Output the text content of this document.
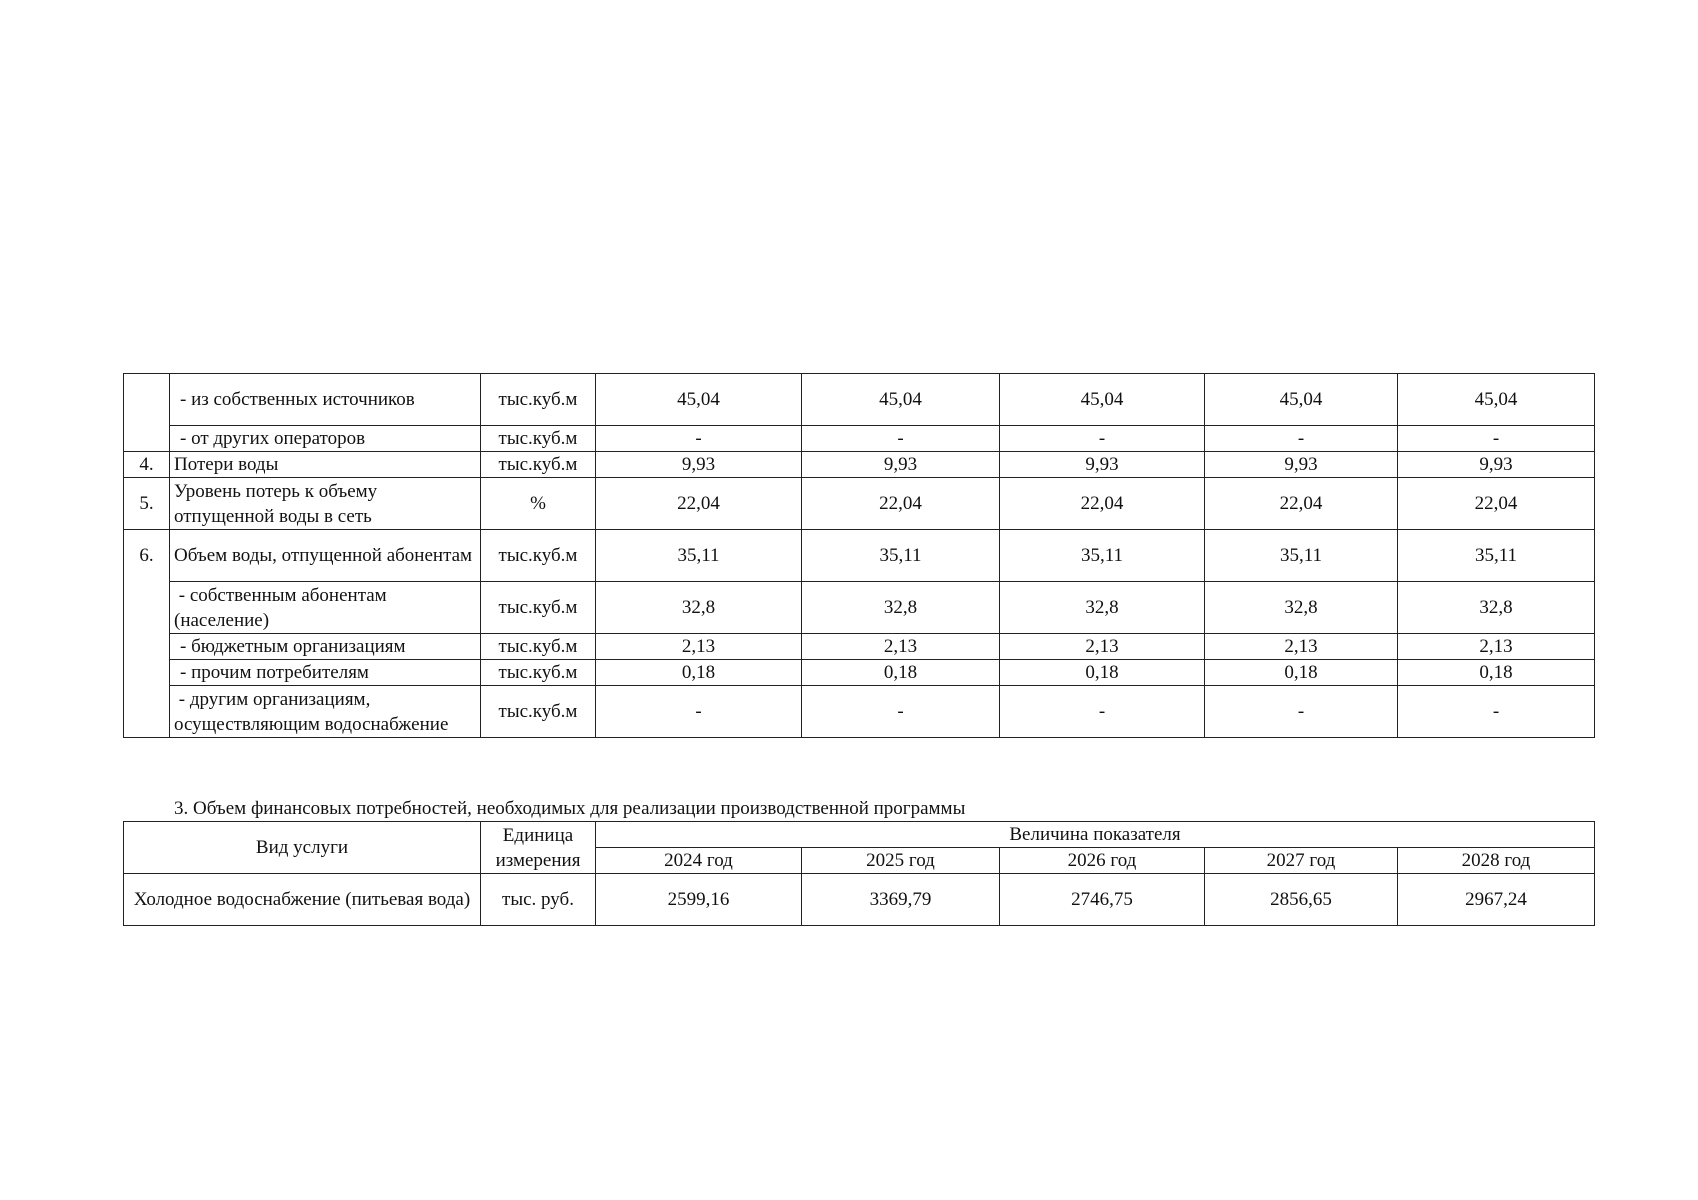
	- из собственных источников	тыс.куб.м	45,04	45,04	45,04	45,04	45,04
	- от других операторов	тыс.куб.м	-	-	-	-	-
4.	Потери воды	тыс.куб.м	9,93	9,93	9,93	9,93	9,93
5.	Уровень потерь к объему отпущенной воды в сеть	%	22,04	22,04	22,04	22,04	22,04
6.	Объем воды, отпущенной абонентам	тыс.куб.м	35,11	35,11	35,11	35,11	35,11
	- собственным абонентам (население)	тыс.куб.м	32,8	32,8	32,8	32,8	32,8
	- бюджетным организациям	тыс.куб.м	2,13	2,13	2,13	2,13	2,13
	- прочим потребителям	тыс.куб.м	0,18	0,18	0,18	0,18	0,18
	- другим организациям, осуществляющим водоснабжение	тыс.куб.м	-	-	-	-	-
3. Объем финансовых потребностей, необходимых для реализации производственной программы
Вид услуги	Единица измерения	Величина показателя				
		2024 год	2025 год	2026 год	2027 год	2028 год
Холодное водоснабжение (питьевая вода)	тыс. руб.	2599,16	3369,79	2746,75	2856,65	2967,24
